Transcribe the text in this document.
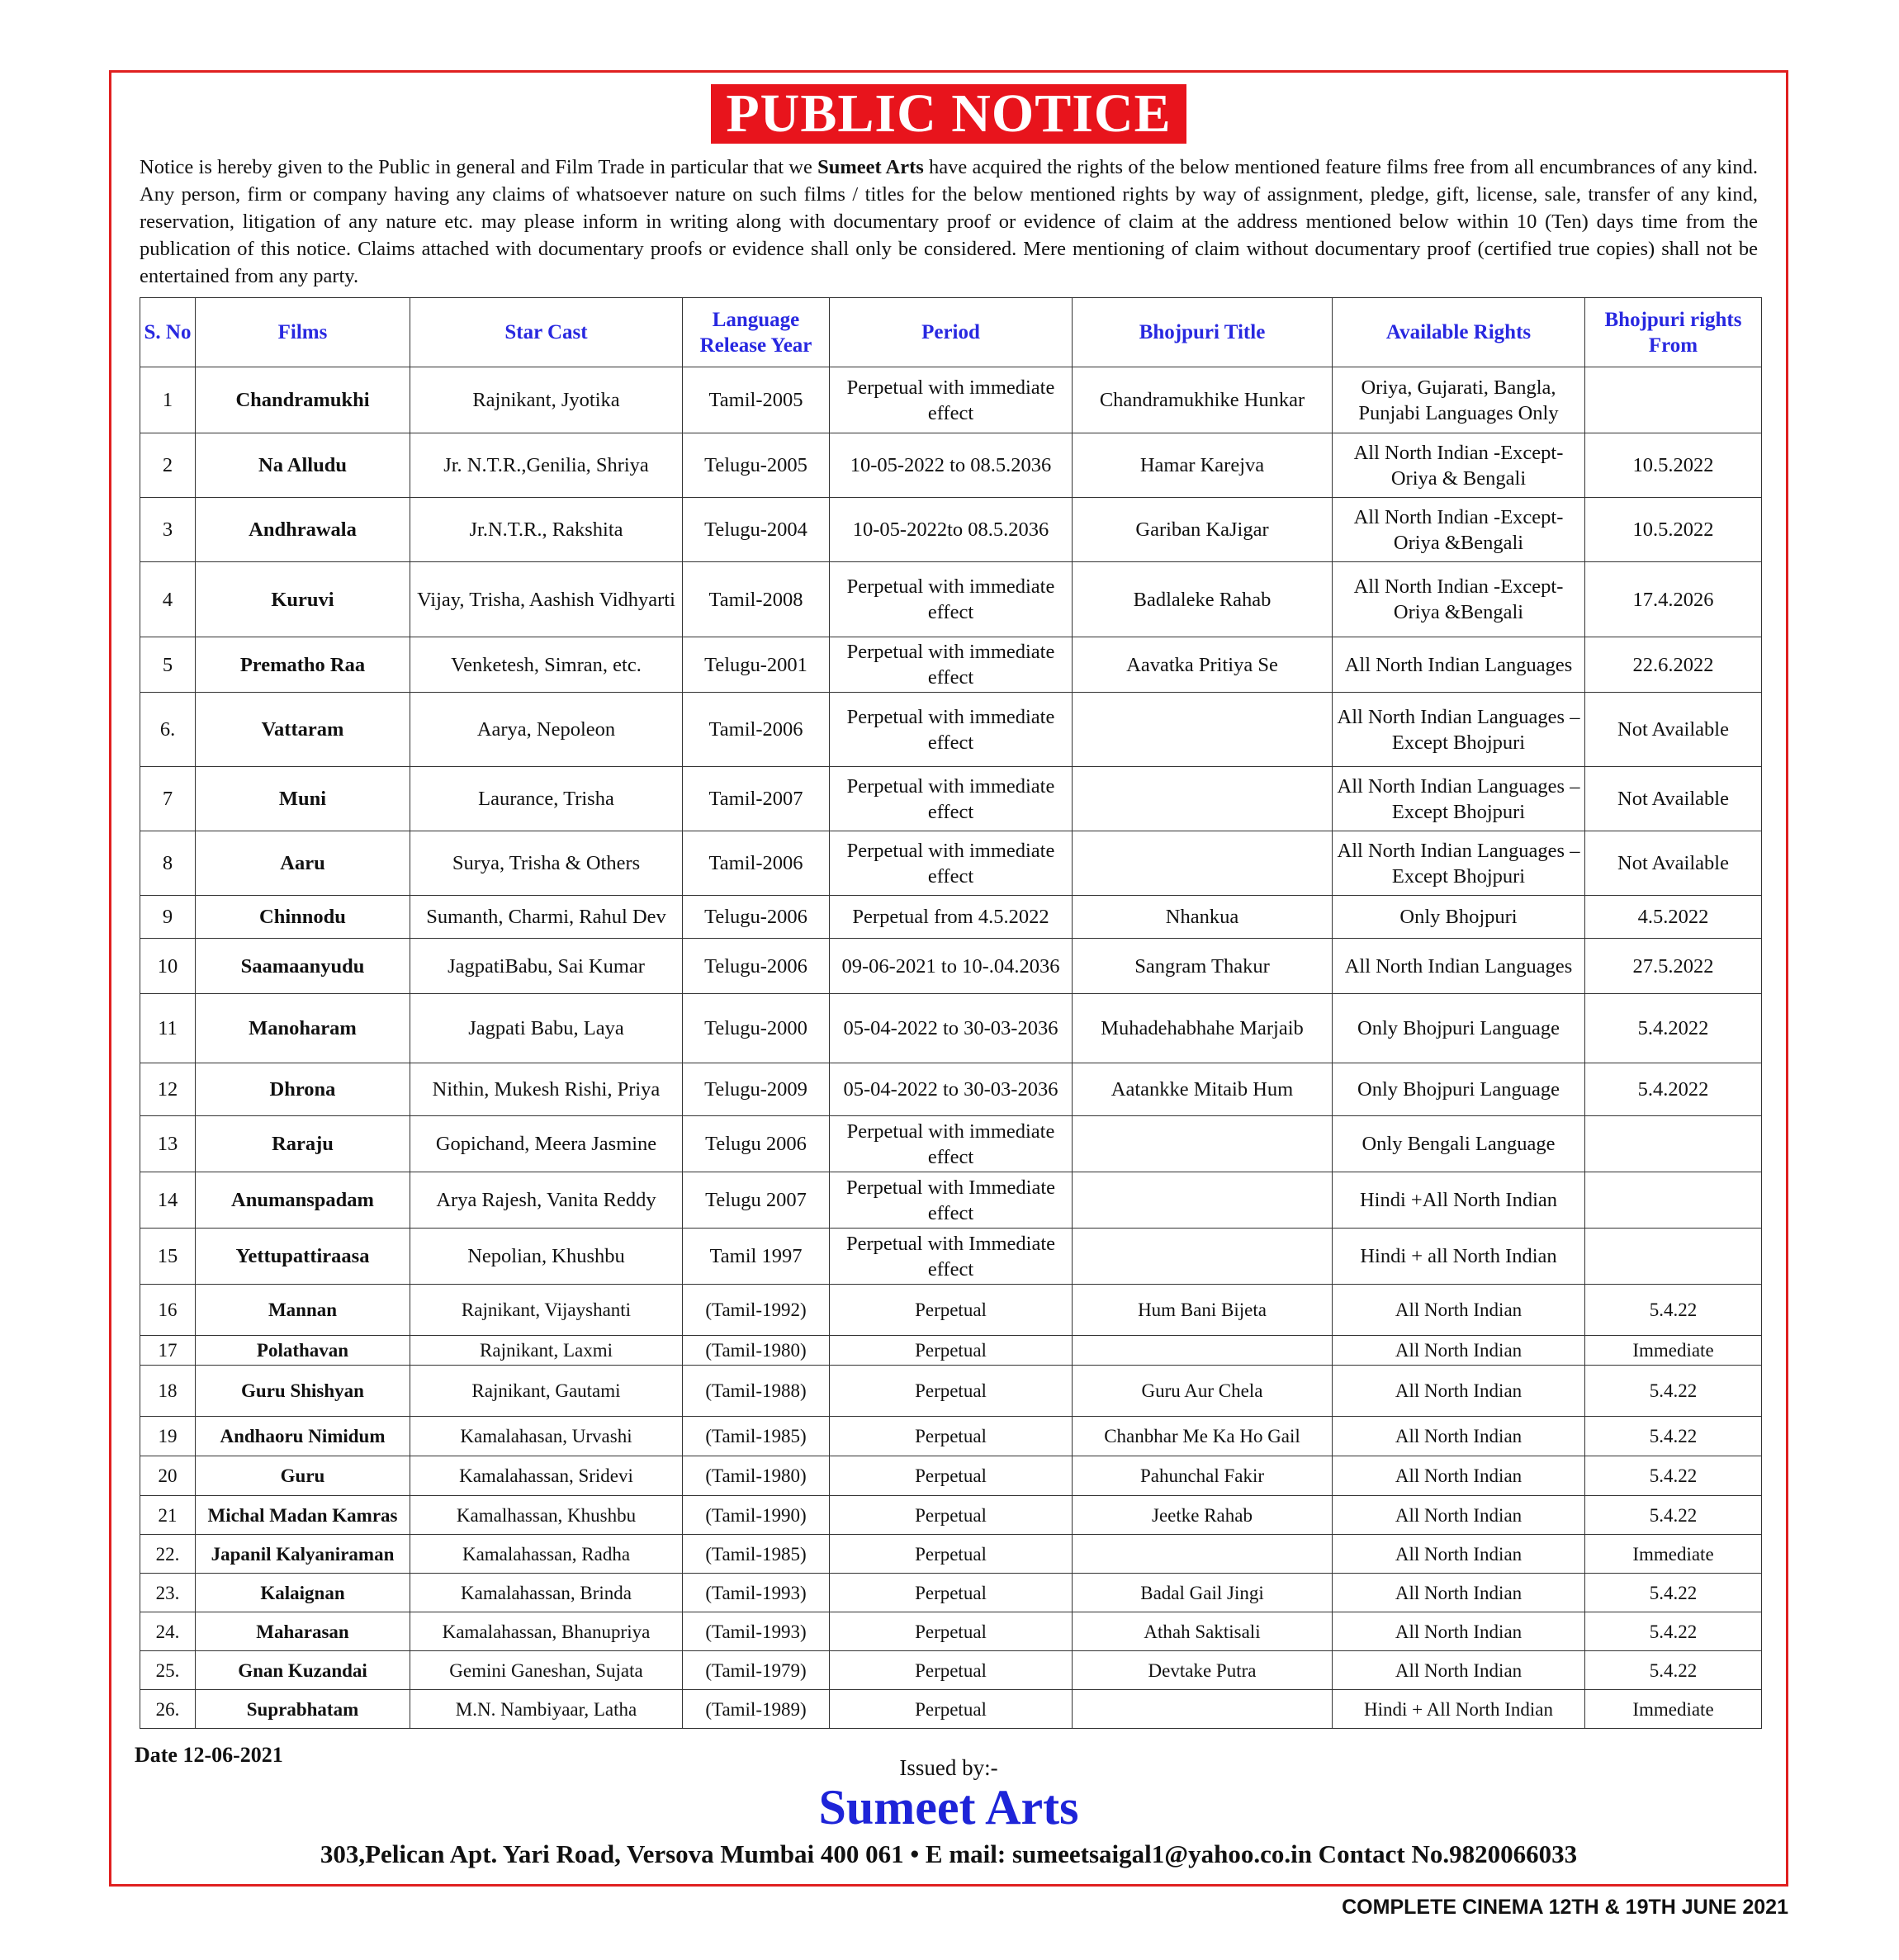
PUBLIC NOTICE
Notice is hereby given to the Public in general and Film Trade in particular that we Sumeet Arts have acquired the rights of the below mentioned feature films free from all encumbrances of any kind. Any person, firm or company having any claims of whatsoever nature on such films / titles for the below mentioned rights by way of assignment, pledge, gift, license, sale, transfer of any kind, reservation, litigation of any nature etc. may please inform in writing along with documentary proof or evidence of claim at the address mentioned below within 10 (Ten) days time from the publication of this notice. Claims attached with documentary proofs or evidence shall only be considered. Mere mentioning of claim without documentary proof (certified true copies) shall not be entertained from any party.
S. No	Films	Star Cast	Language Release Year	Period	Bhojpuri Title	Available Rights	Bhojpuri rights From
1	Chandramukhi	Rajnikant, Jyotika	Tamil-2005	Perpetual with immediate effect	Chandramukhike Hunkar	Oriya, Gujarati, Bangla, Punjabi Languages Only	
2	Na Alludu	Jr. N.T.R.,Genilia, Shriya	Telugu-2005	10-05-2022 to 08.5.2036	Hamar Karejva	All North Indian -Except- Oriya & Bengali	10.5.2022
3	Andhrawala	Jr.N.T.R., Rakshita	Telugu-2004	10-05-2022to 08.5.2036	Gariban KaJigar	All North Indian -Except- Oriya &Bengali	10.5.2022
4	Kuruvi	Vijay, Trisha, Aashish Vidhyarti	Tamil-2008	Perpetual with immediate effect	Badlaleke Rahab	All North Indian -Except- Oriya &Bengali	17.4.2026
5	Prematho Raa	Venketesh, Simran, etc.	Telugu-2001	Perpetual with immediate effect	Aavatka Pritiya Se	All North Indian Languages	22.6.2022
6.	Vattaram	Aarya, Nepoleon	Tamil-2006	Perpetual with immediate effect		All North Indian Languages – Except Bhojpuri	Not Available
7	Muni	Laurance, Trisha	Tamil-2007	Perpetual with immediate effect		All North Indian Languages – Except Bhojpuri	Not Available
8	Aaru	Surya, Trisha & Others	Tamil-2006	Perpetual with immediate effect		All North Indian Languages – Except Bhojpuri	Not Available
9	Chinnodu	Sumanth, Charmi, Rahul Dev	Telugu-2006	Perpetual from 4.5.2022	Nhankua	Only Bhojpuri	4.5.2022
10	Saamaanyudu	JagpatiBabu, Sai Kumar	Telugu-2006	09-06-2021 to 10-.04.2036	Sangram Thakur	All North Indian Languages	27.5.2022
11	Manoharam	Jagpati Babu, Laya	Telugu-2000	05-04-2022 to 30-03-2036	Muhadehabhahe Marjaib	Only Bhojpuri Language	5.4.2022
12	Dhrona	Nithin, Mukesh Rishi, Priya	Telugu-2009	05-04-2022 to 30-03-2036	Aatankke Mitaib Hum	Only Bhojpuri Language	5.4.2022
13	Raraju	Gopichand, Meera Jasmine	Telugu 2006	Perpetual with immediate effect		Only Bengali Language	
14	Anumanspadam	Arya Rajesh, Vanita Reddy	Telugu 2007	Perpetual with Immediate effect		Hindi +All North Indian	
15	Yettupattiraasa	Nepolian, Khushbu	Tamil 1997	Perpetual with Immediate effect		Hindi + all North Indian	
16	Mannan	Rajnikant, Vijayshanti	(Tamil-1992)	Perpetual	Hum Bani Bijeta	All North Indian	5.4.22
17	Polathavan	Rajnikant, Laxmi	(Tamil-1980)	Perpetual		All North Indian	Immediate
18	Guru Shishyan	Rajnikant, Gautami	(Tamil-1988)	Perpetual	Guru Aur Chela	All North Indian	5.4.22
19	Andhaoru Nimidum	Kamalahasan, Urvashi	(Tamil-1985)	Perpetual	Chanbhar Me Ka Ho Gail	All North Indian	5.4.22
20	Guru	Kamalahassan, Sridevi	(Tamil-1980)	Perpetual	Pahunchal Fakir	All North Indian	5.4.22
21	Michal Madan Kamras	Kamalhassan, Khushbu	(Tamil-1990)	Perpetual	Jeetke Rahab	All North Indian	5.4.22
22.	Japanil Kalyaniraman	Kamalahassan, Radha	(Tamil-1985)	Perpetual		All North Indian	Immediate
23.	Kalaignan	Kamalahassan, Brinda	(Tamil-1993)	Perpetual	Badal Gail Jingi	All North Indian	5.4.22
24.	Maharasan	Kamalahassan, Bhanupriya	(Tamil-1993)	Perpetual	Athah Saktisali	All North Indian	5.4.22
25.	Gnan Kuzandai	Gemini Ganeshan, Sujata	(Tamil-1979)	Perpetual	Devtake Putra	All North Indian	5.4.22
26.	Suprabhatam	M.N. Nambiyaar, Latha	(Tamil-1989)	Perpetual		Hindi + All North Indian	Immediate
Date 12-06-2021
Issued by:-
Sumeet Arts
303,Pelican Apt. Yari Road, Versova Mumbai 400 061 • E mail: sumeetsaigal1@yahoo.co.in Contact No.9820066033
COMPLETE CINEMA 12TH & 19TH JUNE 2021
